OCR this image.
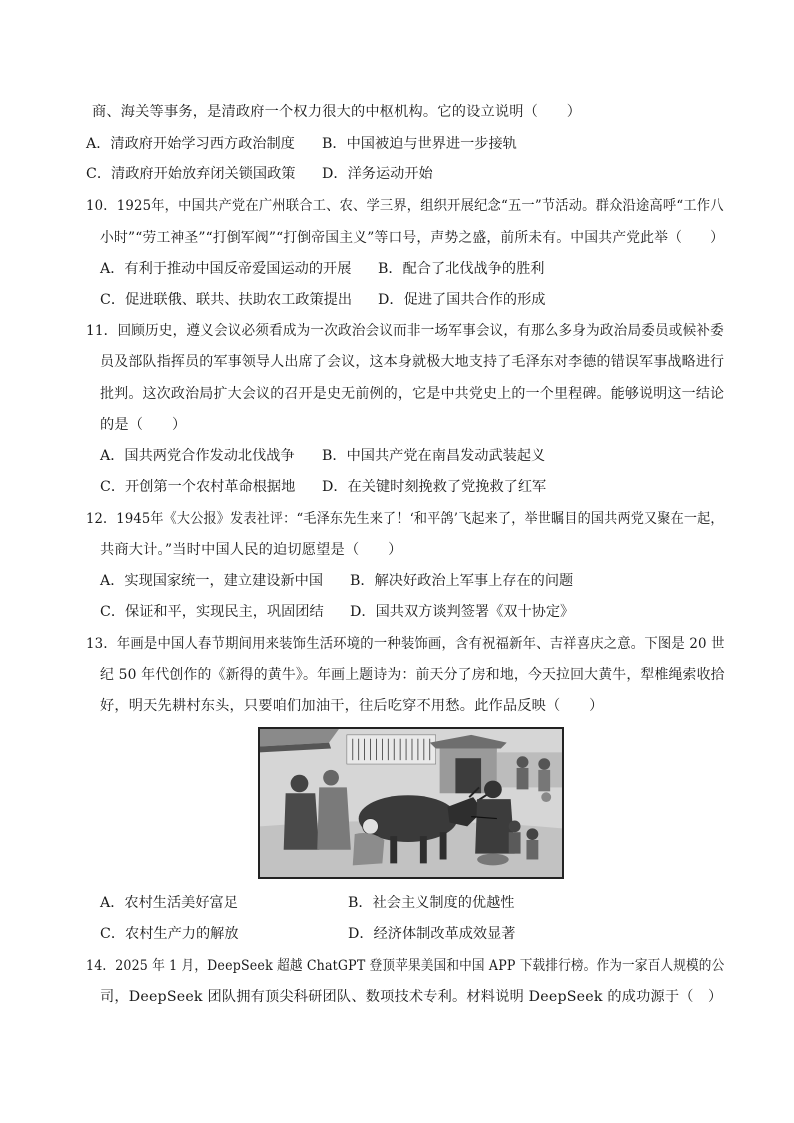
商、海关等事务，是清政府一个权力很大的中枢机构。它的设立说明（　　）
A．清政府开始学习西方政治制度 B．中国被迫与世界进一步接轨
C．清政府开始放弃闭关锁国政策 D．洋务运动开始
10．1925年，中国共产党在广州联合工、农、学三界，组织开展纪念“五一”节活动。群众沿途高呼“工作八
小时”“劳工神圣”“打倒军阀”“打倒帝国主义”等口号，声势之盛，前所未有。中国共产党此举（　　）
A．有利于推动中国反帝爱国运动的开展 B．配合了北伐战争的胜利
C．促进联俄、联共、扶助农工政策提出 D．促进了国共合作的形成
11．回顾历史，遵义会议必须看成为一次政治会议而非一场军事会议，有那么多身为政治局委员或候补委
员及部队指挥员的军事领导人出席了会议，这本身就极大地支持了毛泽东对李德的错误军事战略进行
批判。这次政治局扩大会议的召开是史无前例的，它是中共党史上的一个里程碑。能够说明这一结论
的是（　　）
A．国共两党合作发动北伐战争 B．中国共产党在南昌发动武装起义
C．开创第一个农村革命根据地 D．在关键时刻挽救了党挽救了红军
12．1945年《大公报》发表社评：“毛泽东先生来了！‘和平鸽’飞起来了，举世瞩目的国共两党又聚在一起，
共商大计。”当时中国人民的迫切愿望是（　　）
A．实现国家统一，建立建设新中国 B．解决好政治上军事上存在的问题
C．保证和平，实现民主，巩固团结 D．国共双方谈判签署《双十协定》
13．年画是中国人春节期间用来装饰生活环境的一种装饰画，含有祝福新年、吉祥喜庆之意。下图是 20 世
纪 50 年代创作的《新得的黄牛》。年画上题诗为：前天分了房和地，今天拉回大黄牛，犁椎绳索收拾
好，明天先耕村东头，只要咱们加油干，往后吃穿不用愁。此作品反映（　　）
A．农村生活美好富足	B．社会主义制度的优越性
C．农村生产力的解放	D．经济体制改革成效显著
14．2025 年 1 月，DeepSeek 超越 ChatGPT 登顶苹果美国和中国 APP 下载排行榜。作为一家百人规模的公
司，DeepSeek 团队拥有顶尖科研团队、数项技术专利。材料说明 DeepSeek 的成功源于（　）
